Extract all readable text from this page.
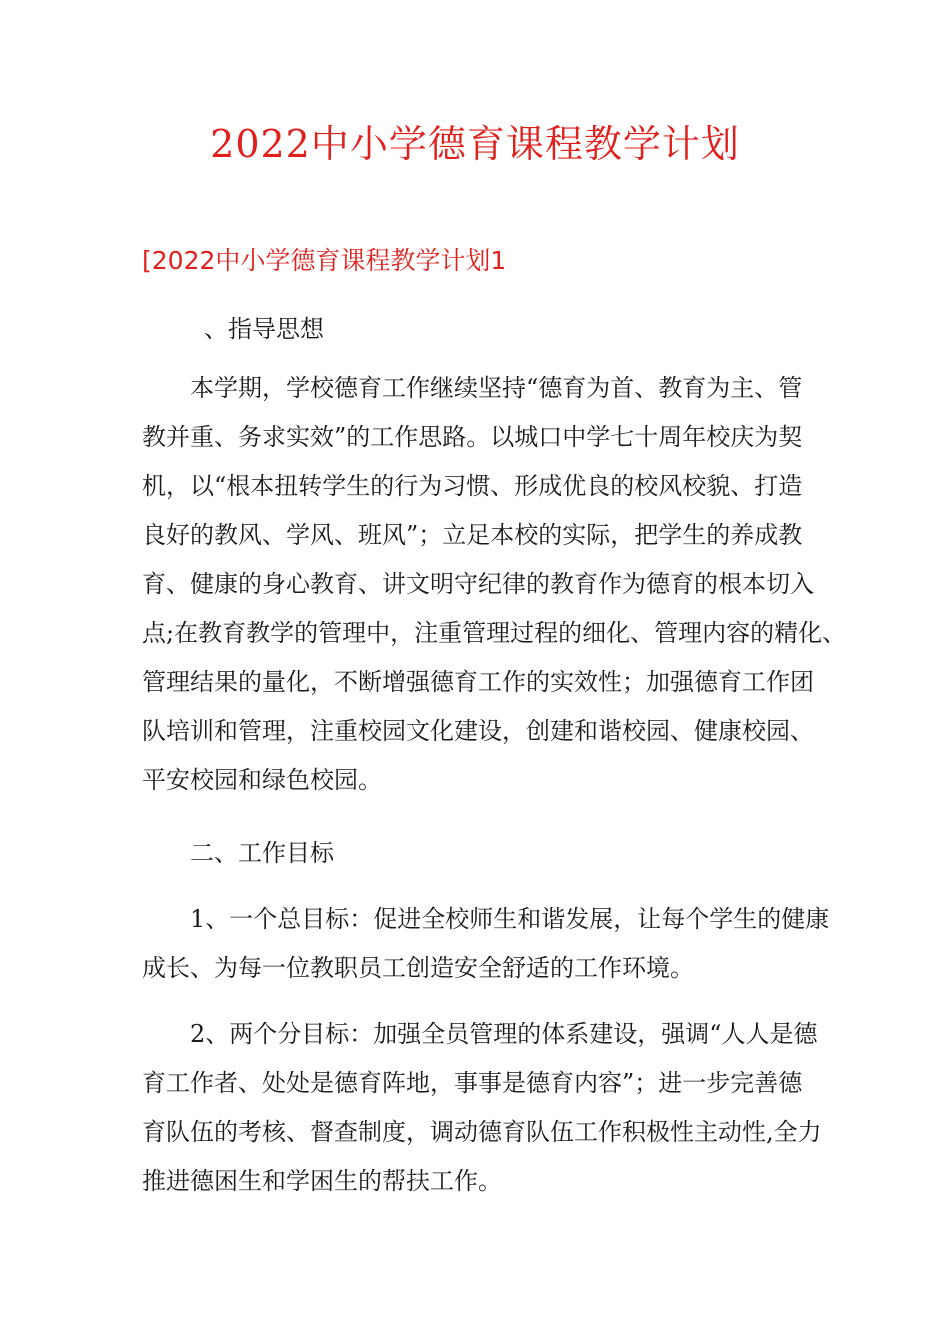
2022中小学德育课程教学计划
[2022中小学德育课程教学计划1

、指导思想

本学期，学校德育工作继续坚持“德育为首、教育为主、管
教并重、务求实效”的工作思路。以城口中学七十周年校庆为契
机，以“根本扭转学生的行为习惯、形成优良的校风校貌、打造
良好的教风、学风、班风”；立足本校的实际，把学生的养成教
育、健康的身心教育、讲文明守纪律的教育作为德育的根本切入
点;在教育教学的管理中，注重管理过程的细化、管理内容的精化、
管理结果的量化，不断增强德育工作的实效性；加强德育工作团
队培训和管理，注重校园文化建设，创建和谐校园、健康校园、
平安校园和绿色校园。

二、工作目标

1、一个总目标：促进全校师生和谐发展，让每个学生的健康
成长、为每一位教职员工创造安全舒适的工作环境。

2、两个分目标：加强全员管理的体系建设，强调“人人是德
育工作者、处处是德育阵地，事事是德育内容”；进一步完善德
育队伍的考核、督查制度，调动德育队伍工作积极性主动性,全力
推进德困生和学困生的帮扶工作。
